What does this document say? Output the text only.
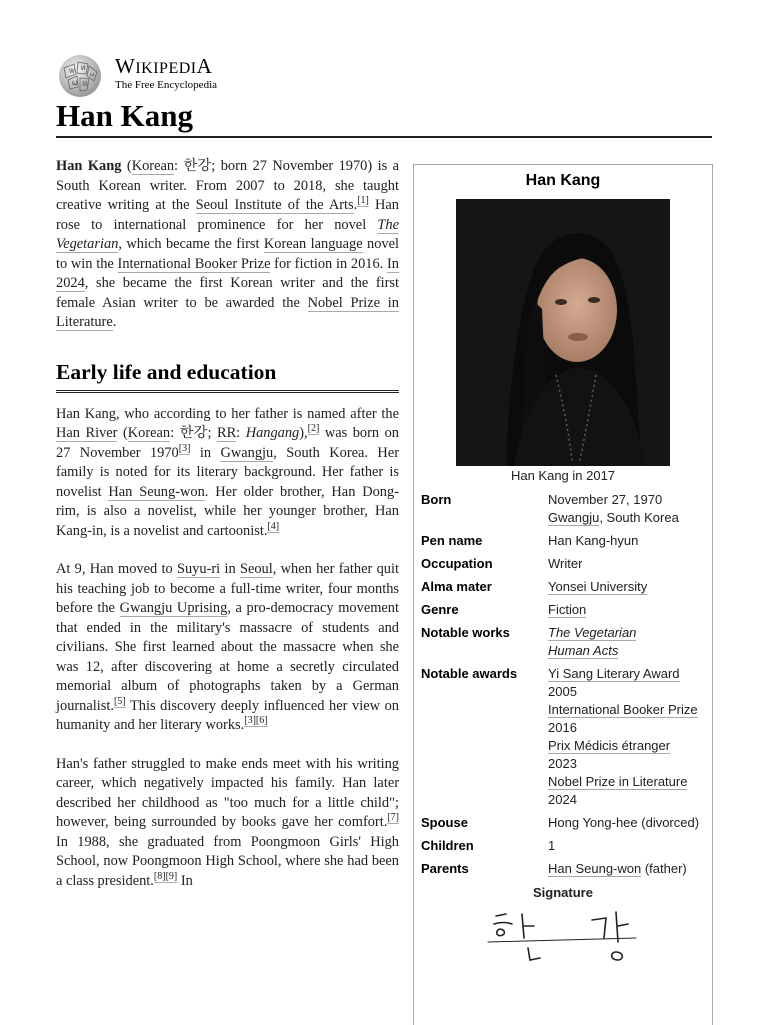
W И
ω
Ѡ 維
WIKIPEDIA
The Free Encyclopedia
Han Kang

Han Kang (Korean: 한강; born 27 November 1970) is a South Korean writer. From 2007 to 2018, she taught creative writing at the Seoul Institute of the Arts.[1] Han rose to international prominence for her novel The Vegetarian, which became the first Korean language novel to win the International Booker Prize for fiction in 2016. In 2024, she became the first Korean writer and the first female Asian writer to be awarded the Nobel Prize in Literature.

Early life and education

Han Kang, who according to her father is named after the Han River (Korean: 한강; RR: Hangang),[2] was born on 27 November 1970[3] in Gwangju, South Korea. Her family is noted for its literary background. Her father is novelist Han Seung-won. Her older brother, Han Dong-rim, is also a novelist, while her younger brother, Han Kang-in, is a novelist and cartoonist.[4]

At 9, Han moved to Suyu-ri in Seoul, when her father quit his teaching job to become a full-time writer, four months before the Gwangju Uprising, a pro-democracy movement that ended in the military's massacre of students and civilians. She first learned about the massacre when she was 12, after discovering at home a secretly circulated memorial album of photographs taken by a German journalist.[5] This discovery deeply influenced her view on humanity and her literary works.[3][6]

Han's father struggled to make ends meet with his writing career, which negatively impacted his family. Han later described her childhood as "too much for a little child"; however, being surrounded by books gave her comfort.[7] In 1988, she graduated from Poongmoon Girls' High School, now Poongmoon High School, where she had been a class president.[8][9] In

Han Kang
Han Kang in 2017
Born	November 27, 1970
Gwangju, South Korea
Pen name	Han Kang-hyun
Occupation	Writer
Alma mater	Yonsei University
Genre	Fiction
Notable works	The Vegetarian
Human Acts
Notable awards	Yi Sang Literary Award
2005
International Booker Prize
2016
Prix Médicis étranger
2023
Nobel Prize in Literature
2024
Spouse	Hong Yong-hee (divorced)
Children	1
Parents	Han Seung-won (father)
Signature
